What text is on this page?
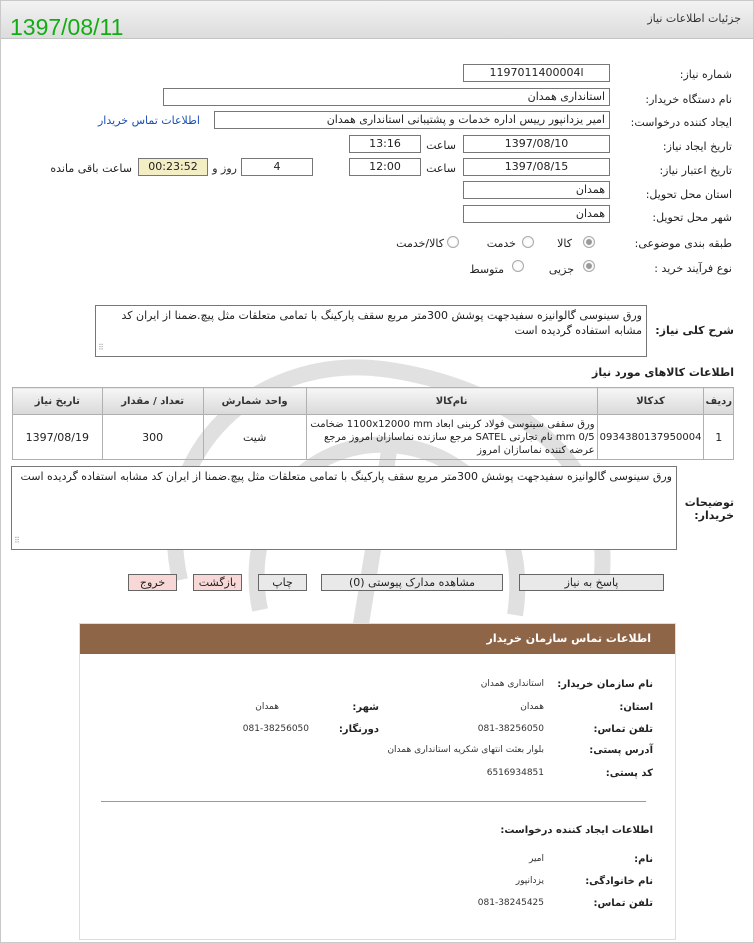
جزئیات اطلاعات نیاز
1397/08/11
شماره نیاز:
1197011400004l
نام دستگاه خریدار:
استانداری همدان
ایجاد کننده درخواست:
امیر یزدانپور رییس اداره خدمات و پشتیبانی استانداری همدان
اطلاعات تماس خریدار
تاریخ ایجاد نیاز:
1397/08/10
ساعت
13:16
تاریخ اعتبار نیاز:
1397/08/15
ساعت
12:00
4
روز و
00:23:52
ساعت باقی مانده
استان محل تحویل:
همدان
شهر محل تحویل:
همدان
طبقه بندی موضوعی:
کالا
خدمت
کالا/خدمت
نوع فرآیند خرید :
جزیی
متوسط
شرح کلی نیاز:
ورق سینوسی گالوانیزه سفیدجهت پوشش 300متر مربع سقف پارکینگ با تمامی متعلقات مثل پیچ.ضمنا از ایران کد مشابه استفاده گردیده است
⠿
اطلاعات کالاهای مورد نیاز
ردیف	کدکالا	نام‌کالا	واحد شمارش	تعداد / مقدار	تاریخ نیاز
1	0934380137950004	ورق سقفی سینوسی فولاد کربنی ابعاد 1100x12000 mm ضخامت 0/5 mm نام تجارتی SATEL مرجع سازنده نماسازان امروز مرجع عرضه کننده نماسازان امروز	شیت	300	1397/08/19
توضیحات خریدار:
ورق سینوسی گالوانیزه سفیدجهت پوشش 300متر مربع سقف پارکینگ با تمامی متعلقات مثل پیچ.ضمنا از ایران کد مشابه استفاده گردیده است
⠿
پاسخ به نیاز
مشاهده مدارک پیوستی (0)
چاپ
بازگشت
خروج
اطلاعات تماس سازمان خریدار
نام سازمان خریدار:
استانداری همدان
استان:
همدان
شهر:
همدان
تلفن تماس:
081-38256050
دورنگار:
081-38256050
آدرس پستی:
بلوار بعثت انتهای شکریه استانداری همدان
کد پستی:
6516934851
اطلاعات ایجاد کننده درخواست:
نام:
امیر
نام خانوادگی:
یزدانپور
تلفن تماس:
081-38245425
